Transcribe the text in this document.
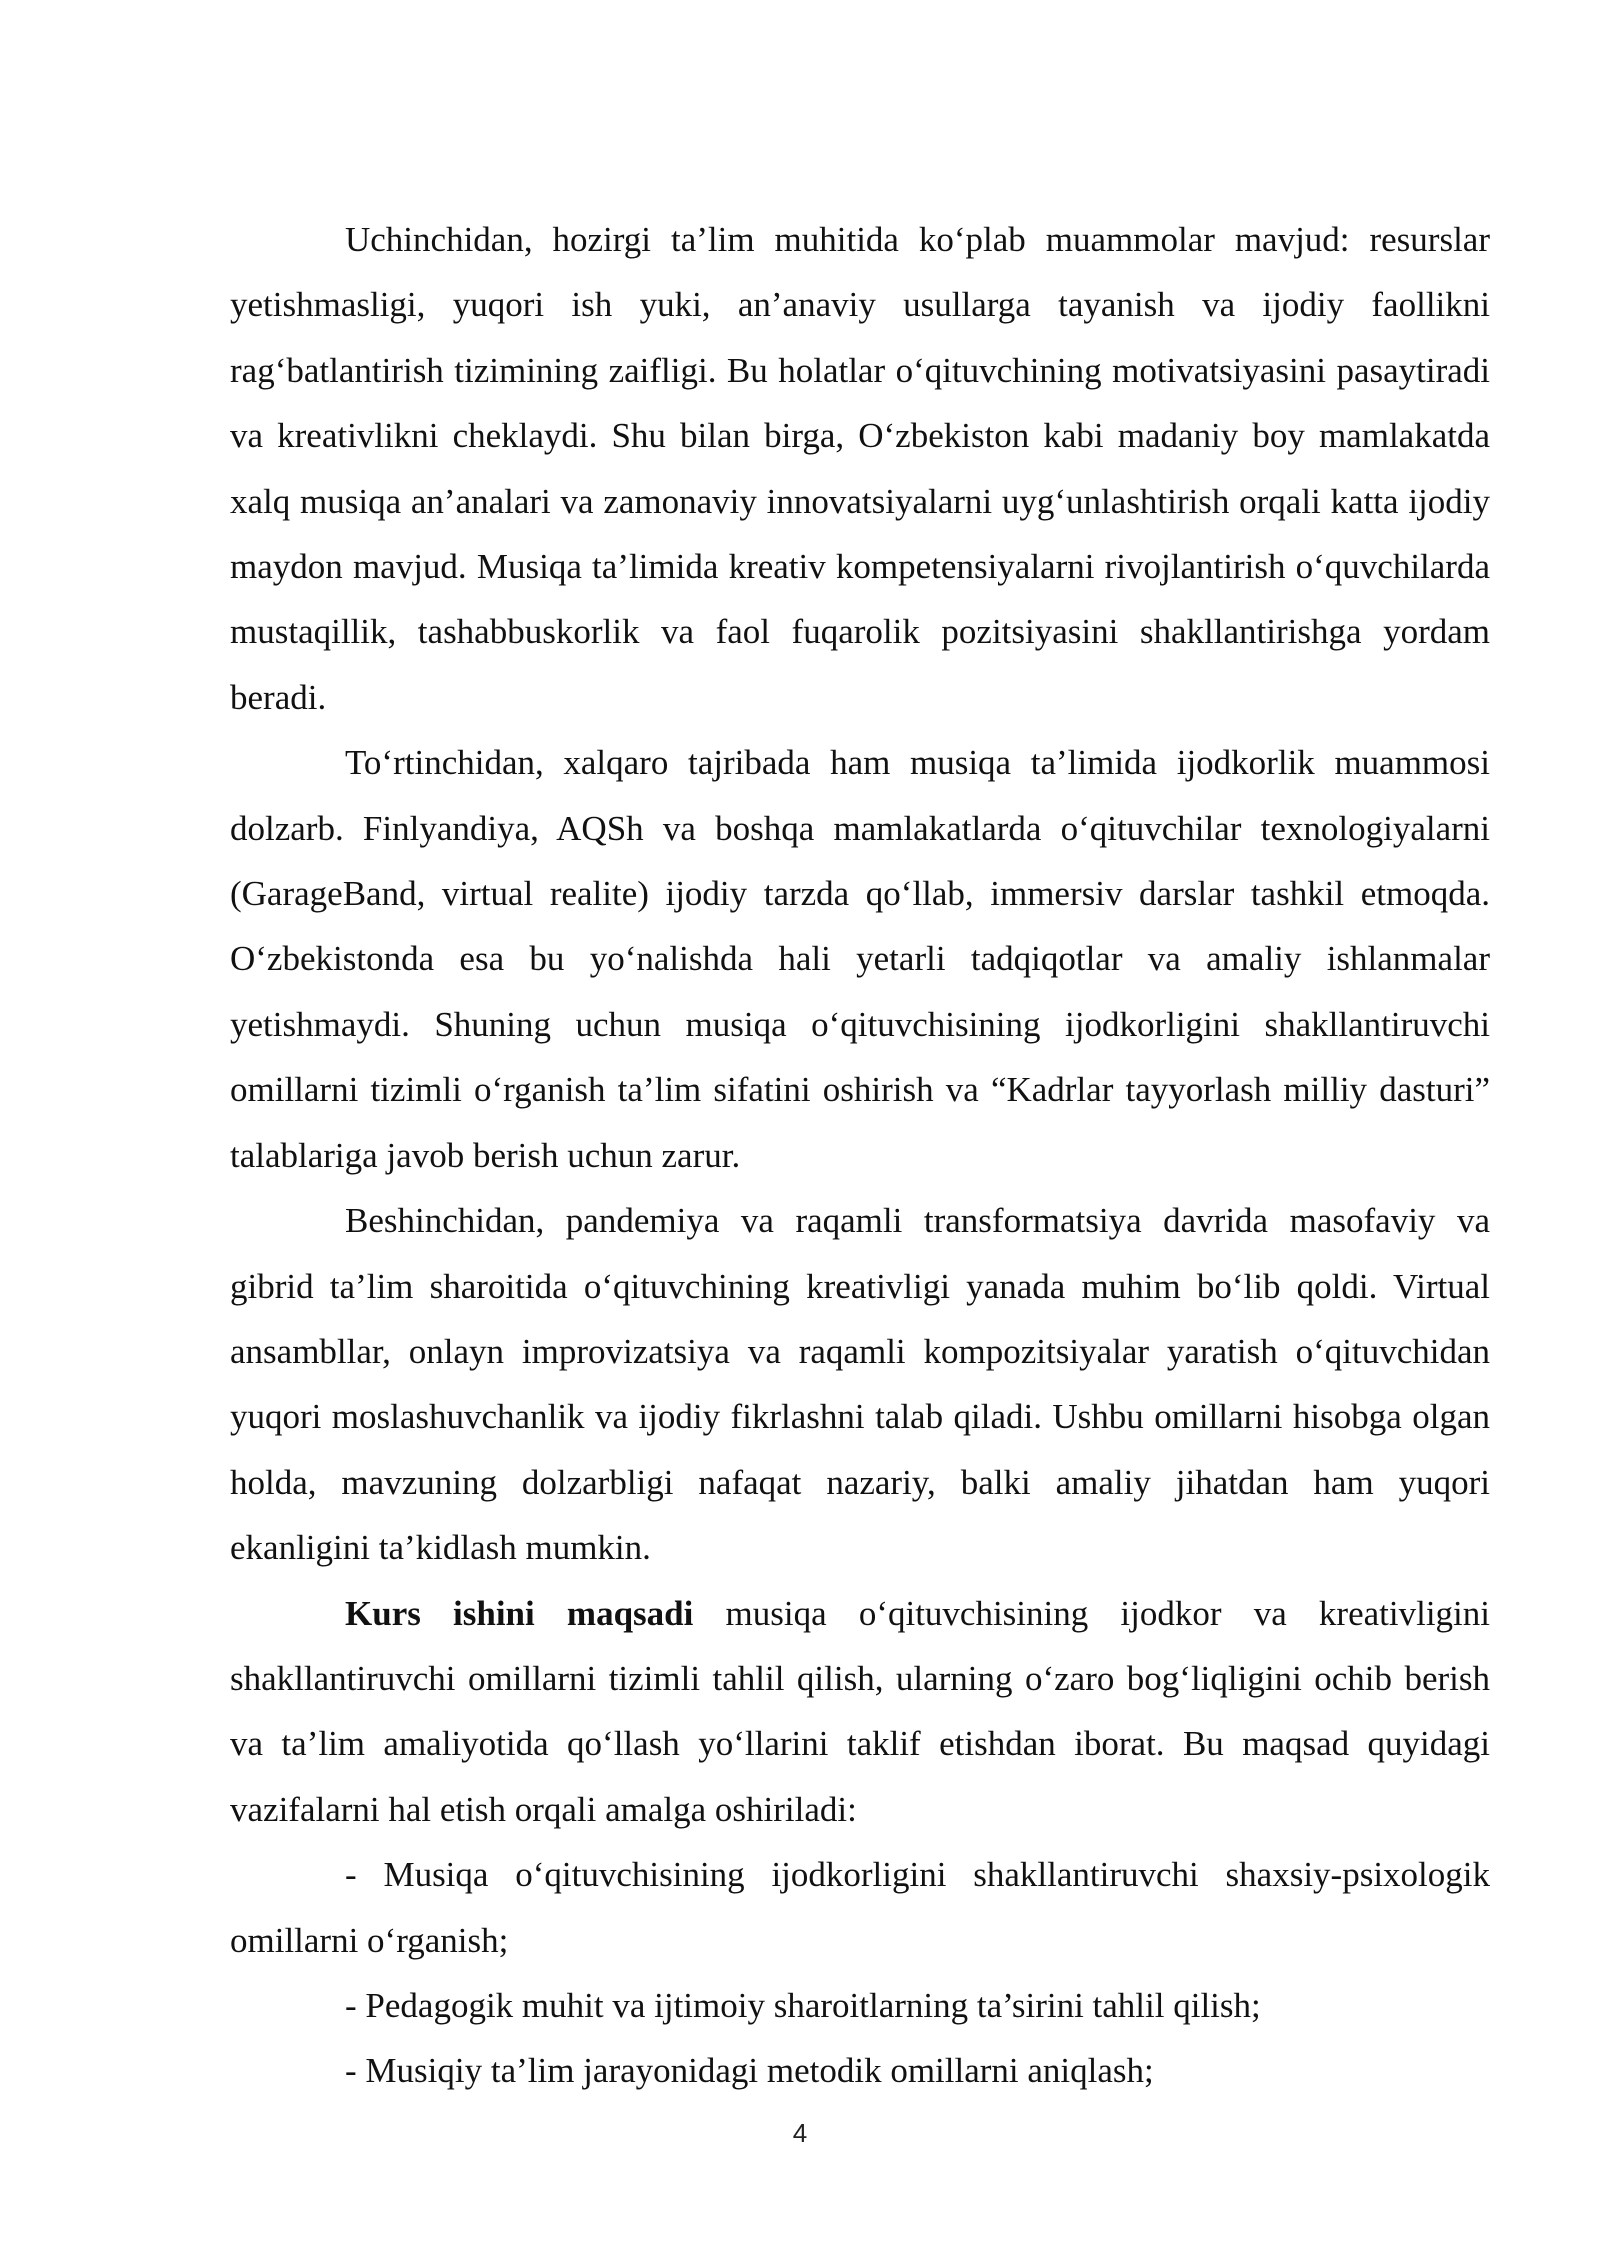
Uchinchidan, hozirgi ta’lim muhitida ko‘plab muammolar mavjud: resurslar yetishmasligi, yuqori ish yuki, an’anaviy usullarga tayanish va ijodiy faollikni rag‘batlantirish tizimining zaifligi. Bu holatlar o‘qituvchining motivatsiyasini pasaytiradi va kreativlikni cheklaydi. Shu bilan birga, O‘zbekiston kabi madaniy boy mamlakatda xalq musiqa an’analari va zamonaviy innovatsiyalarni uyg‘unlashtirish orqali katta ijodiy maydon mavjud. Musiqa ta’limida kreativ kompetensiyalarni rivojlantirish o‘quvchilarda mustaqillik, tashabbuskorlik va faol fuqarolik pozitsiyasini shakllantirishga yordam beradi.

To‘rtinchidan, xalqaro tajribada ham musiqa ta’limida ijodkorlik muammosi dolzarb. Finlyandiya, AQSh va boshqa mamlakatlarda o‘qituvchilar texnologiyalarni (GarageBand, virtual realite) ijodiy tarzda qo‘llab, immersiv darslar tashkil etmoqda. O‘zbekistonda esa bu yo‘nalishda hali yetarli tadqiqotlar va amaliy ishlanmalar yetishmaydi. Shuning uchun musiqa o‘qituvchisining ijodkorligini shakllantiruvchi omillarni tizimli o‘rganish ta’lim sifatini oshirish va “Kadrlar tayyorlash milliy dasturi” talablariga javob berish uchun zarur.

Beshinchidan, pandemiya va raqamli transformatsiya davrida masofaviy va gibrid ta’lim sharoitida o‘qituvchining kreativligi yanada muhim bo‘lib qoldi. Virtual ansambllar, onlayn improvizatsiya va raqamli kompozitsiyalar yaratish o‘qituvchidan yuqori moslashuvchanlik va ijodiy fikrlashni talab qiladi. Ushbu omillarni hisobga olgan holda, mavzuning dolzarbligi nafaqat nazariy, balki amaliy jihatdan ham yuqori ekanligini ta’kidlash mumkin.

Kurs ishini maqsadi musiqa o‘qituvchisining ijodkor va kreativligini shakllantiruvchi omillarni tizimli tahlil qilish, ularning o‘zaro bog‘liqligini ochib berish va ta’lim amaliyotida qo‘llash yo‘llarini taklif etishdan iborat. Bu maqsad quyidagi vazifalarni hal etish orqali amalga oshiriladi:

- Musiqa o‘qituvchisining ijodkorligini shakllantiruvchi shaxsiy-psixologik omillarni o‘rganish;

- Pedagogik muhit va ijtimoiy sharoitlarning ta’sirini tahlil qilish;

- Musiqiy ta’lim jarayonidagi metodik omillarni aniqlash;

4
